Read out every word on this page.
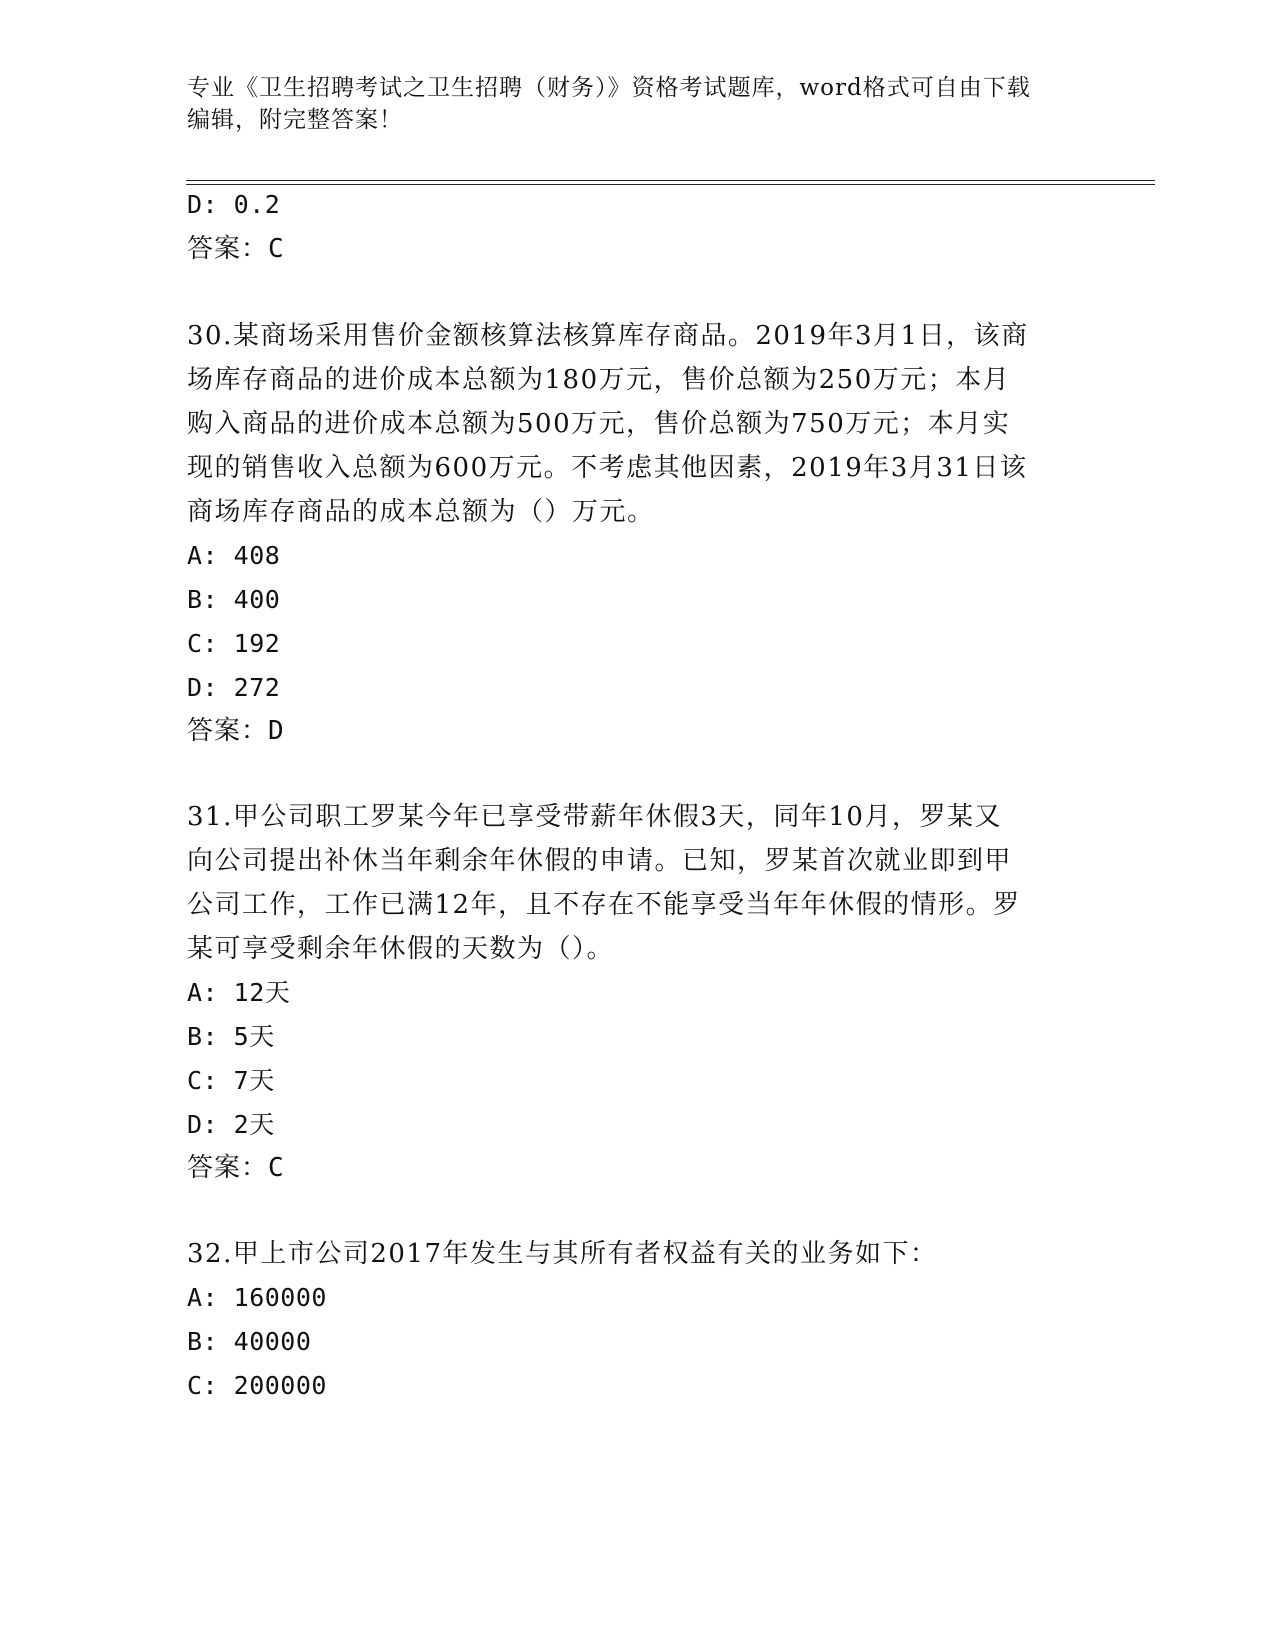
专业《卫生招聘考试之卫生招聘（财务）》资格考试题库，word格式可自由下载
编辑，附完整答案！
D: 0.2
答案：C
30.某商场采用售价金额核算法核算库存商品。2019年3月1日，该商
场库存商品的进价成本总额为180万元，售价总额为250万元；本月
购入商品的进价成本总额为500万元，售价总额为750万元；本月实
现的销售收入总额为600万元。不考虑其他因素，2019年3月31日该
商场库存商品的成本总额为（）万元。
A: 408
B: 400
C: 192
D: 272
答案：D
31.甲公司职工罗某今年已享受带薪年休假3天，同年10月，罗某又
向公司提出补休当年剩余年休假的申请。已知，罗某首次就业即到甲
公司工作，工作已满12年，且不存在不能享受当年年休假的情形。罗
某可享受剩余年休假的天数为（）。
A: 12天
B: 5天
C: 7天
D: 2天
答案：C
32.甲上市公司2017年发生与其所有者权益有关的业务如下：
A: 160000
B: 40000
C: 200000
